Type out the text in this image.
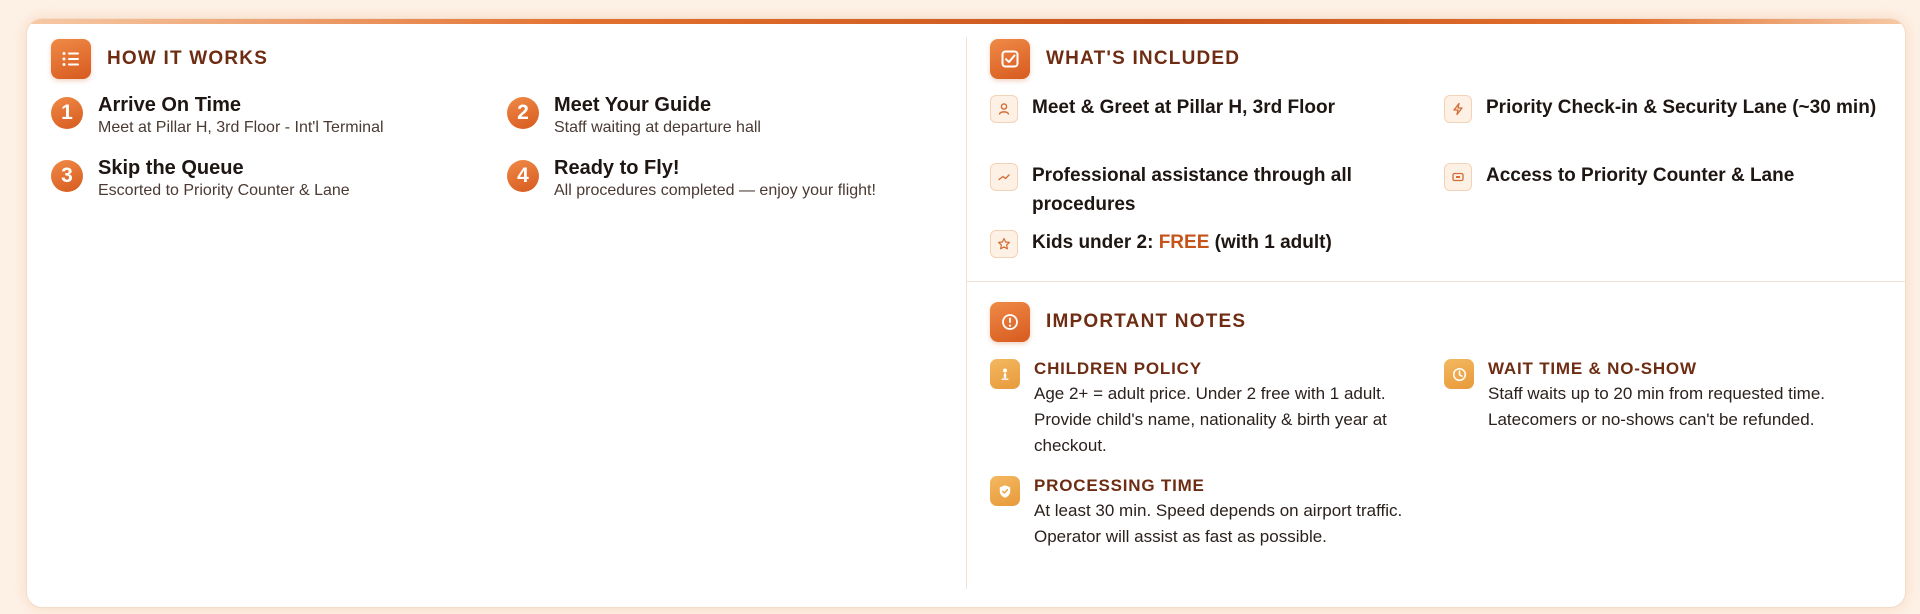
HOW IT WORKS
1	Arrive On Time
Meet at Pillar H, 3rd Floor - Int'l Terminal
2	Meet Your Guide
Staff waiting at departure hall
3	Skip the Queue
Escorted to Priority Counter & Lane
4	Ready to Fly!
All procedures completed — enjoy your flight!
WHAT'S INCLUDED
Meet & Greet at Pillar H, 3rd Floor	Priority Check-in & Security Lane (~30 min)
Professional assistance through all procedures
Access to Priority Counter & Lane
Kids under 2: FREE (with 1 adult)
IMPORTANT NOTES
CHILDREN POLICY
Age 2+ = adult price. Under 2 free with 1 adult. Provide child's name, nationality & birth year at checkout.
WAIT TIME & NO-SHOW
Staff waits up to 20 min from requested time. Latecomers or no-shows can't be refunded.
PROCESSING TIME
At least 30 min. Speed depends on airport traffic. Operator will assist as fast as possible.
